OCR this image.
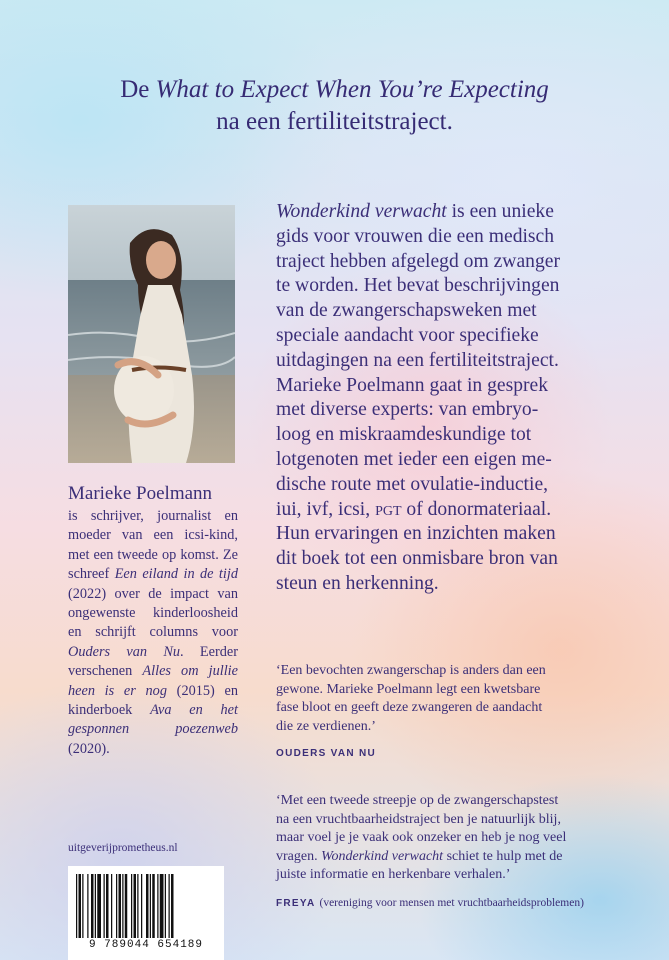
De What to Expect When You’re Expecting
na een fertiliteitstraject.
Marieke Poelmann
is schrijver, journalist en moeder van een icsi-kind, met een tweede op komst. Ze schreef Een eiland in de tijd (2022) over de impact van ongewenste kinderloosheid en schrijft columns voor Ouders van Nu. Eerder verschenen Alles om jullie heen is er nog (2015) en kinderboek Ava en het gesponnen poezenweb (2020).
Wonderkind verwacht is een unieke
gids voor vrouwen die een medisch
traject hebben afgelegd om zwanger
te worden. Het bevat beschrijvingen
van de zwangerschapsweken met
speciale aandacht voor specifieke
uitdagingen na een fertiliteitstraject.
Marieke Poelmann gaat in gesprek
met diverse experts: van embryo-
loog en miskraamdeskundige tot
lotgenoten met ieder een eigen me-
dische route met ovulatie-inductie,
iui, ivf, icsi, pgt of donormateriaal.
Hun ervaringen en inzichten maken
dit boek tot een onmisbare bron van
steun en herkenning.
‘Een bevochten zwangerschap is anders dan een
gewone. Marieke Poelmann legt een kwetsbare
fase bloot en geeft deze zwangeren de aandacht
die ze verdienen.’
OUDERS VAN NU
‘Met een tweede streepje op de zwangerschapstest
na een vruchtbaarheidstraject ben je natuurlijk blij,
maar voel je je vaak ook onzeker en heb je nog veel
vragen. Wonderkind verwacht schiet te hulp met de
juiste informatie en herkenbare verhalen.’
FREYA (vereniging voor mensen met vruchtbaarheidsproblemen)
uitgeverijprometheus.nl
9 789044 654189
